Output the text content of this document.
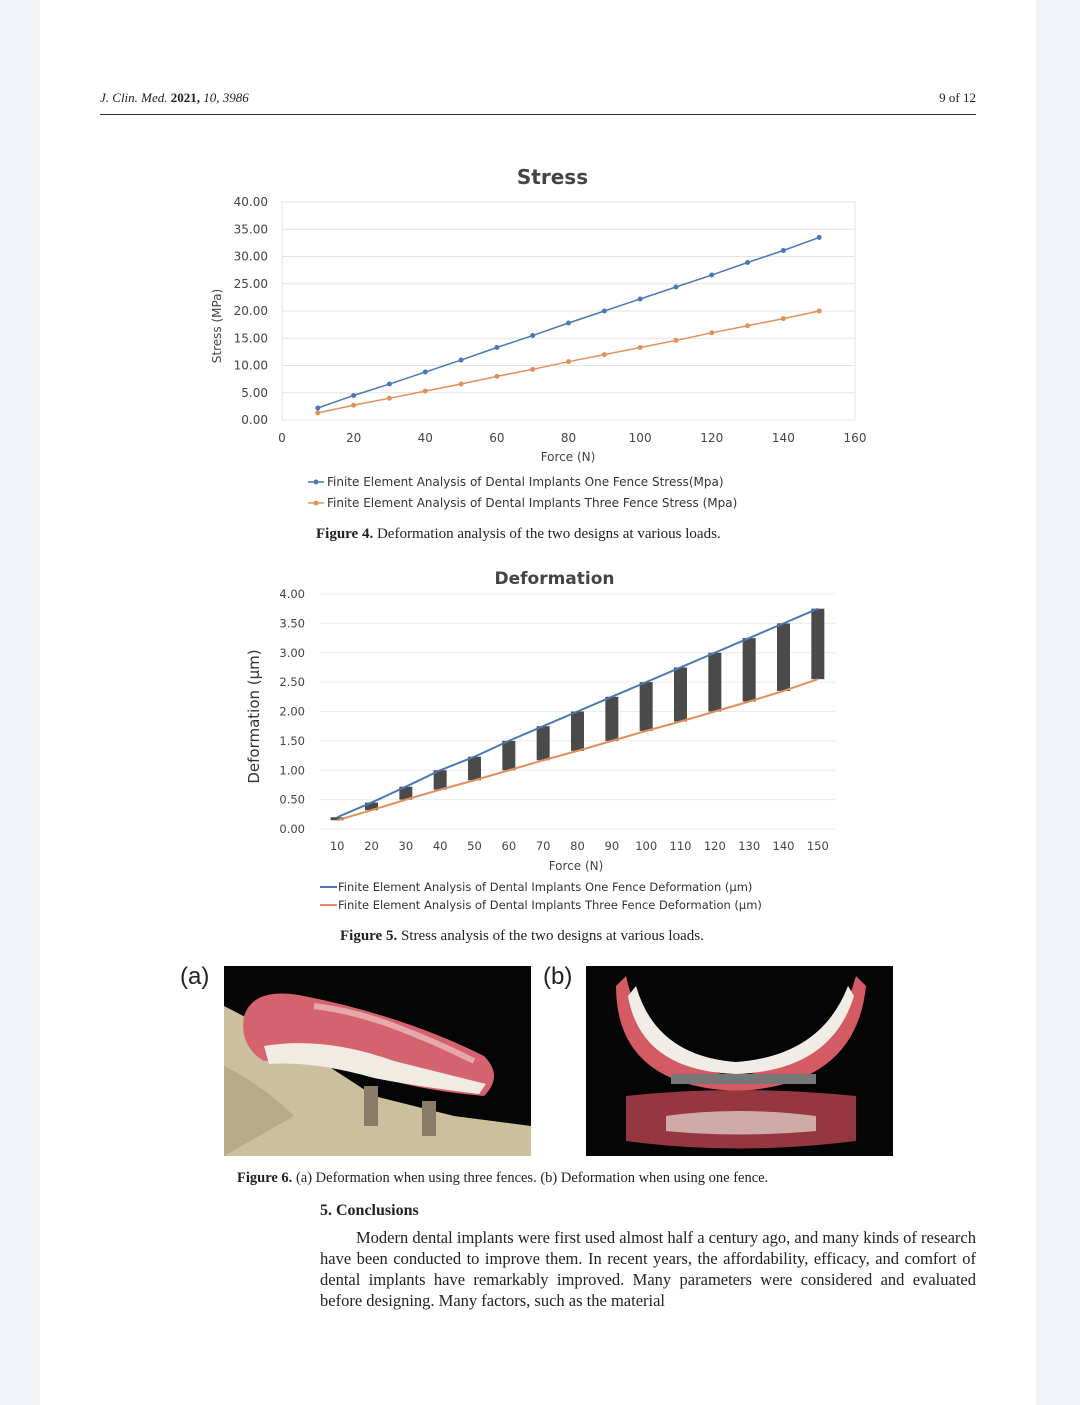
J. Clin. Med. 2021, 10, 3986	9 of 12
0.00
5.00
10.00
15.00
20.00
25.00
30.00
35.00
40.00
0	20	40	60	80	100	120	140	160
Stress
Force (N)
Stress (MPa)
Finite Element Analysis of Dental Implants One Fence Stress(Mpa)
Finite Element Analysis of Dental Implants Three Fence Stress (Mpa)
Figure 4. Deformation analysis of the two designs at various loads.
0.00
0.50
1.00
1.50
2.00
2.50
3.00
3.50
4.00
10 20 30 40 50 60 70 80 90 100 110 120 130 140 150
Deformation
Force (N)
Deformation (μm)
Finite Element Analysis of Dental Implants One Fence Deformation (μm)
Finite Element Analysis of Dental Implants Three Fence Deformation (μm)
Figure 5. Stress analysis of the two designs at various loads.
(a)	(b)
Figure 6. (a) Deformation when using three fences. (b) Deformation when using one fence.
5. Conclusions
Modern dental implants were first used almost half a century ago, and many kinds of research have been conducted to improve them. In recent years, the affordability, efficacy, and comfort of dental implants have remarkably improved. Many parameters were considered and evaluated before designing. Many factors, such as the material
